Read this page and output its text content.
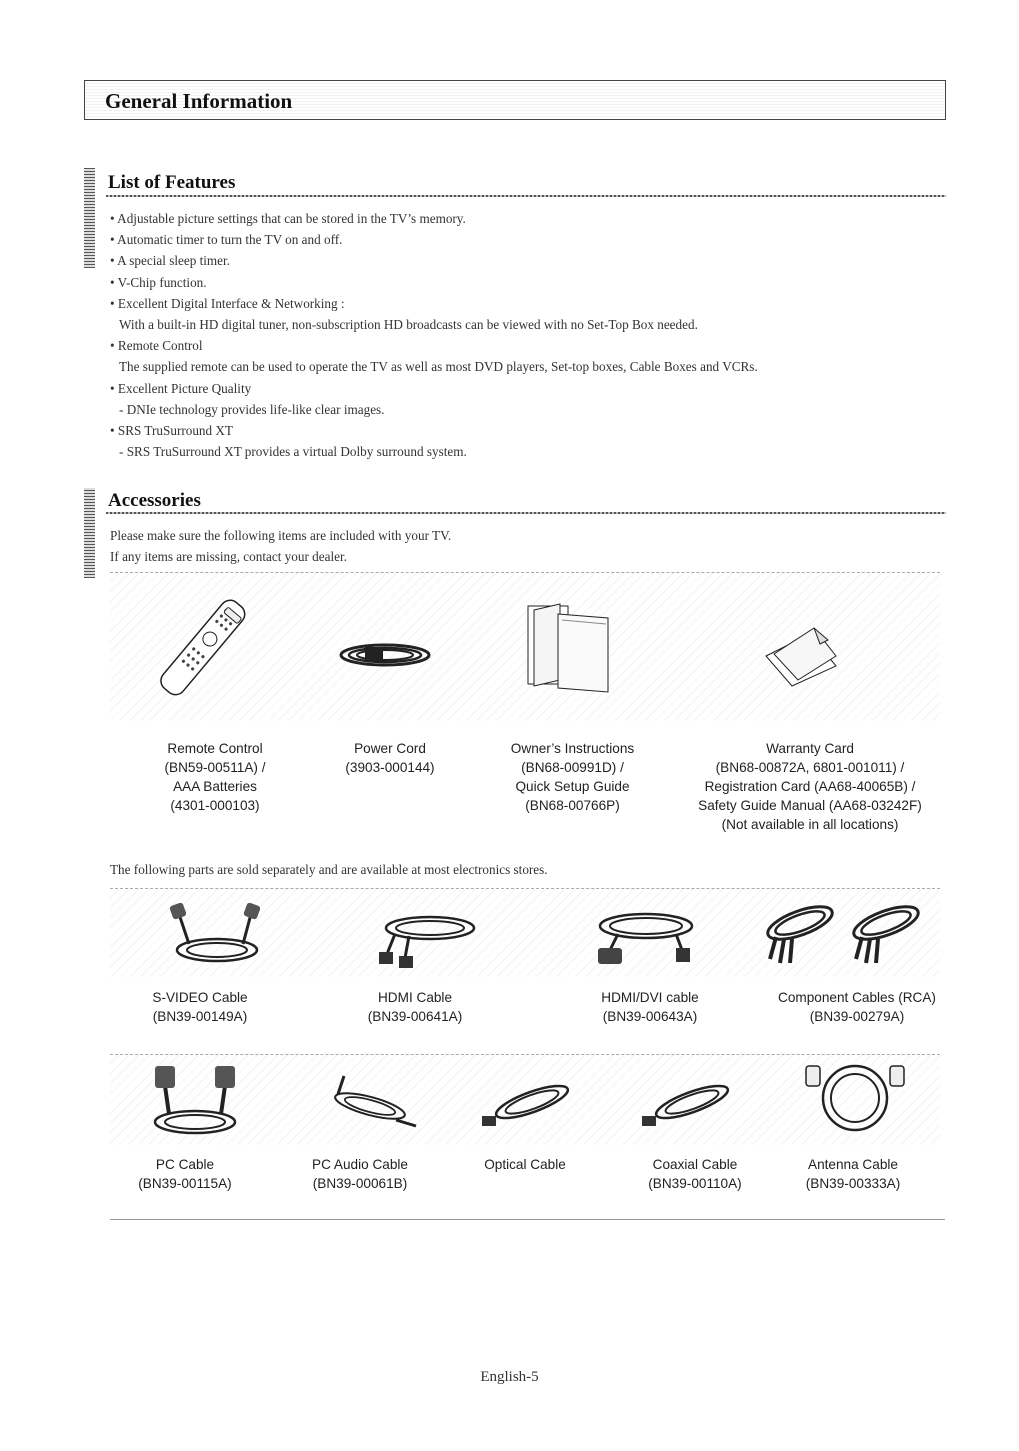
General Information
List of Features
• Adjustable picture settings that can be stored in the TV’s memory.
• Automatic timer to turn the TV on and off.
• A special sleep timer.
• V-Chip function.
• Excellent Digital Interface & Networking :
With a built-in HD digital tuner, non-subscription HD broadcasts can be viewed with no Set-Top Box needed.
• Remote Control
The supplied remote can be used to operate the TV as well as most DVD players, Set-top boxes, Cable Boxes and VCRs.
• Excellent Picture Quality
- DNIe technology provides life-like clear images.
• SRS TruSurround XT
- SRS TruSurround XT provides a virtual Dolby surround system.
Accessories
Please make sure the following items are included with your TV.
If any items are missing, contact your dealer.
Remote Control
(BN59-00511A) /
AAA Batteries
(4301-000103)
Power Cord
(3903-000144)
Owner’s Instructions
(BN68-00991D) /
Quick Setup Guide
(BN68-00766P)
Warranty Card
(BN68-00872A, 6801-001011) /
Registration Card (AA68-40065B) /
Safety Guide Manual (AA68-03242F)
(Not available in all locations)
The following parts are sold separately and are available at most electronics stores.
S-VIDEO Cable
(BN39-00149A)
HDMI Cable
(BN39-00641A)
HDMI/DVI cable
(BN39-00643A)
Component Cables (RCA)
(BN39-00279A)
PC Cable
(BN39-00115A)
PC Audio Cable
(BN39-00061B)
Optical Cable	Coaxial Cable
(BN39-00110A)
Antenna Cable
(BN39-00333A)
English-5
